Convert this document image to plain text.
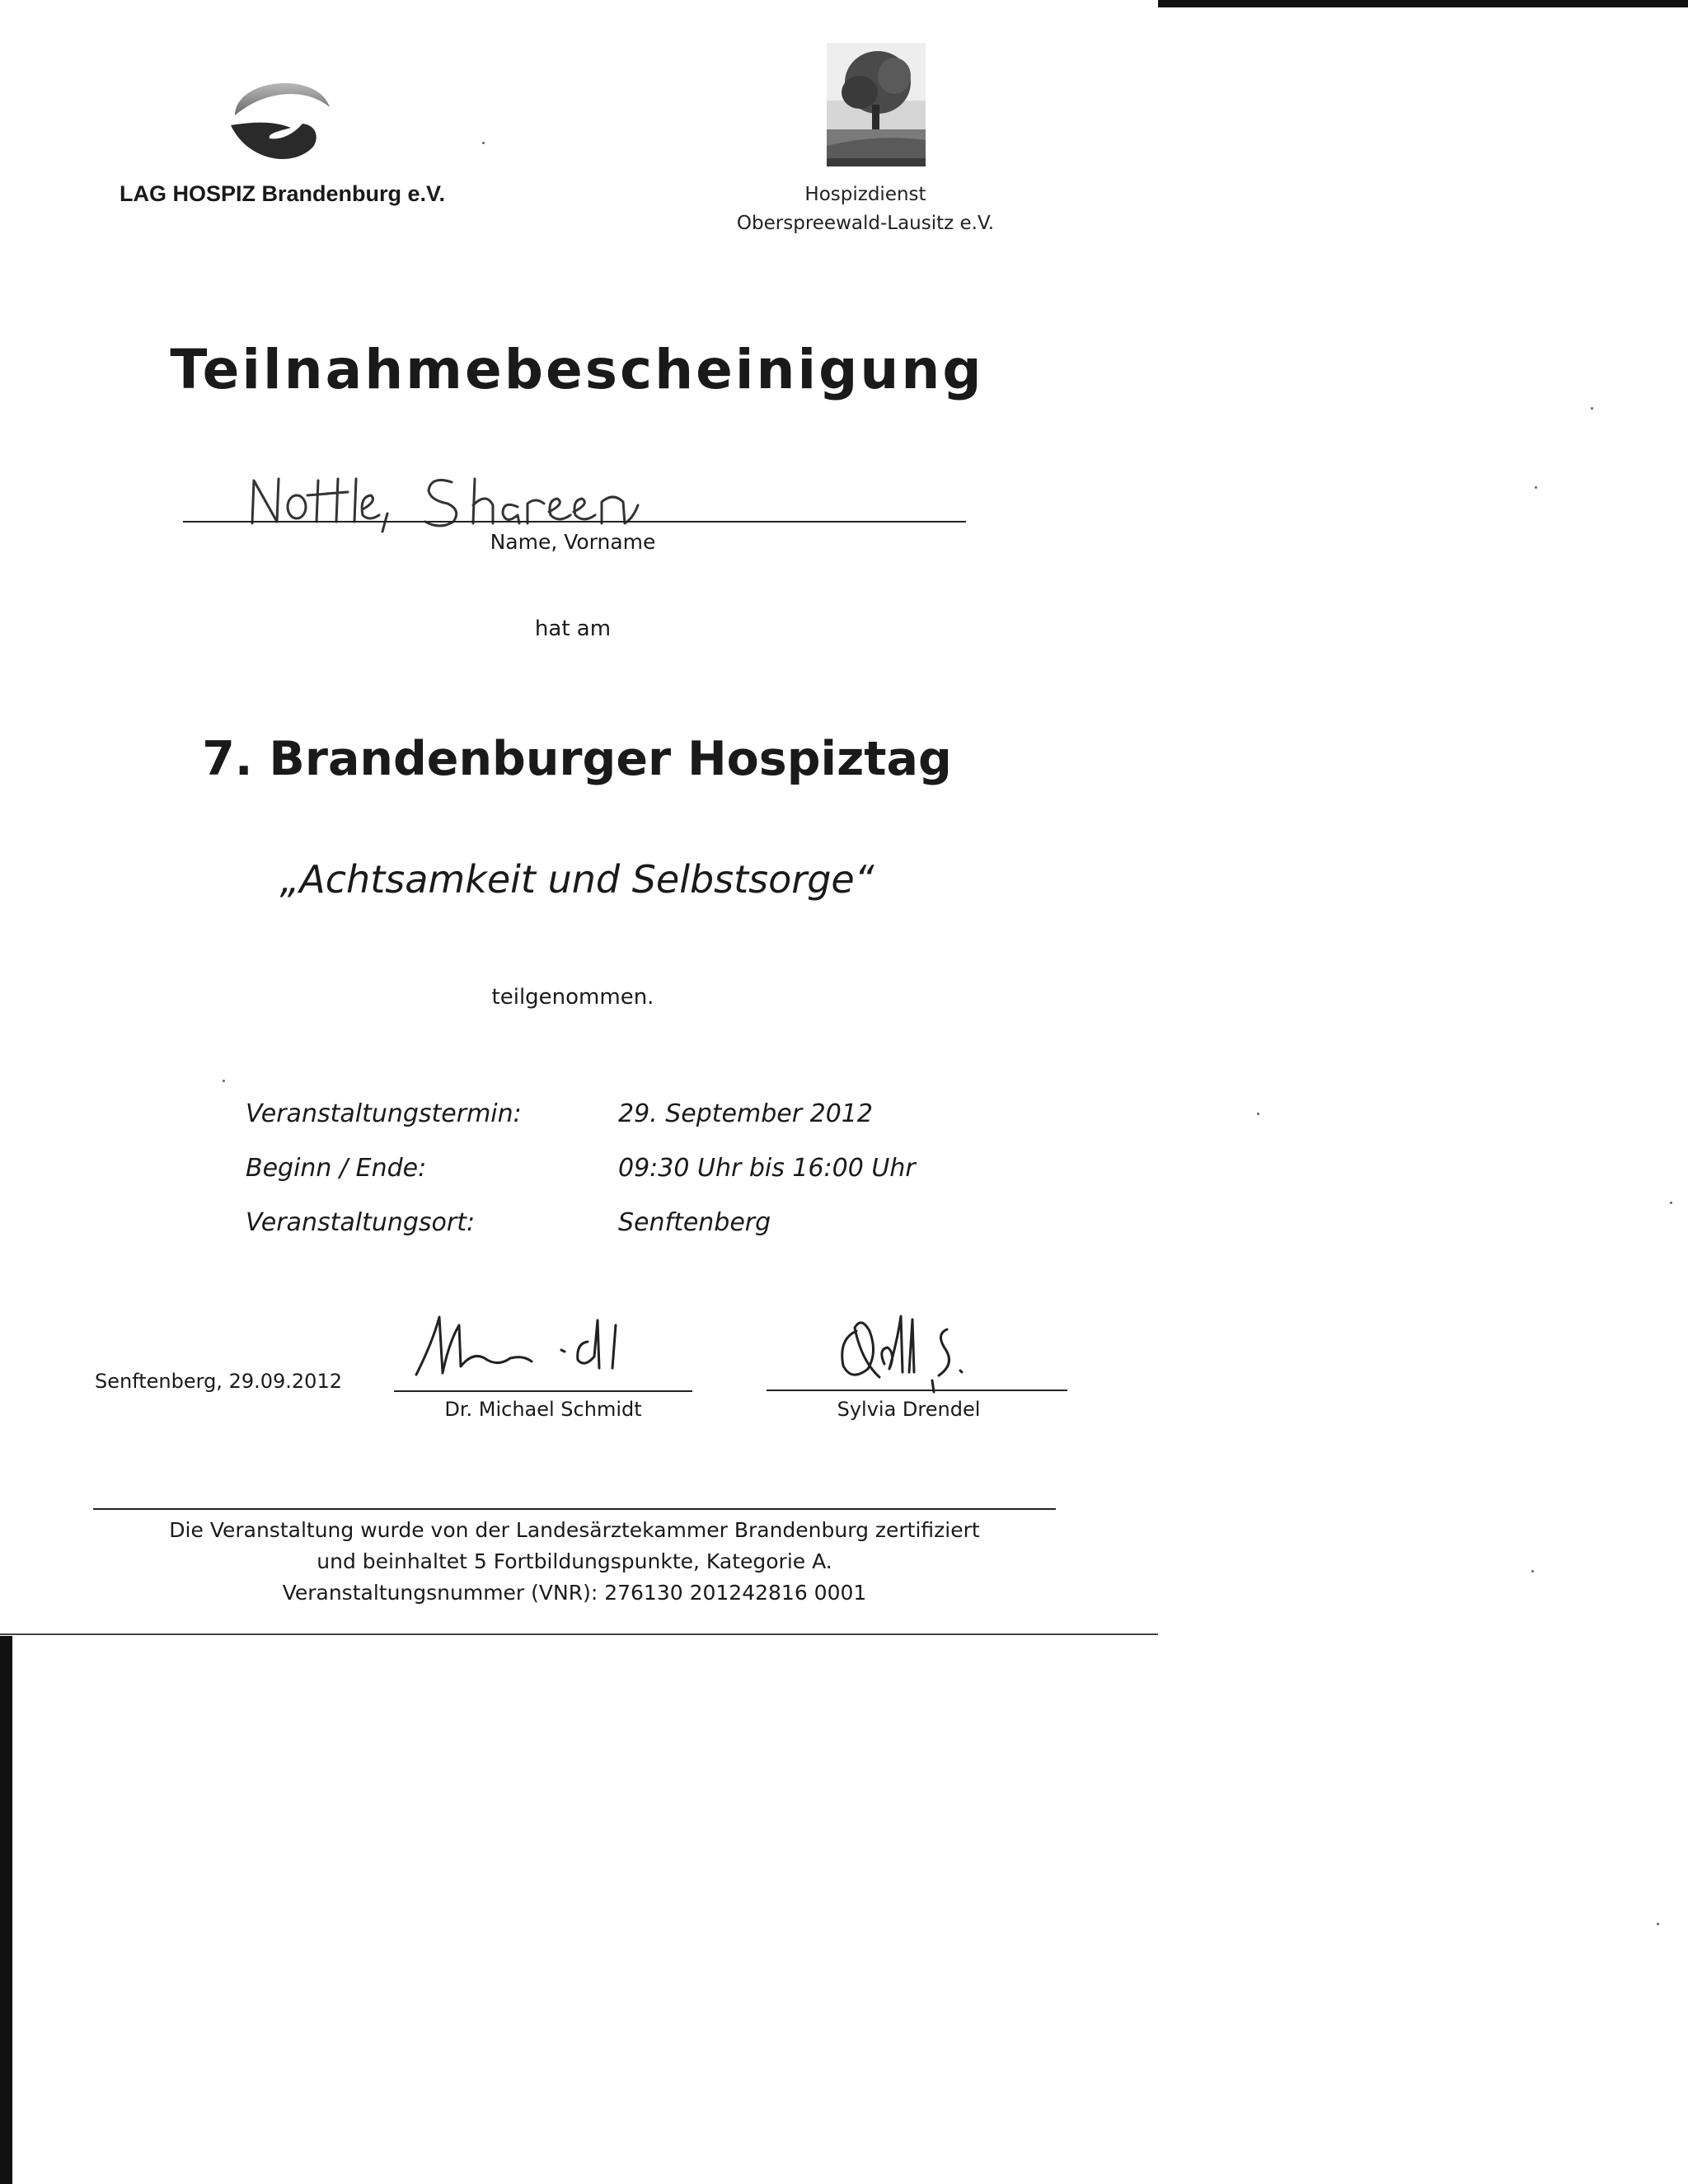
LAG HOSPIZ Brandenburg e.V.	Hospizdienst
Oberspreewald-Lausitz e.V.
Teilnahmebescheinigung
Name, Vorname
hat am
7. Brandenburger Hospiztag
„Achtsamkeit und Selbstsorge“
teilgenommen.
Veranstaltungstermin:	29. September 2012
Beginn / Ende:	09:30 Uhr bis 16:00 Uhr
Veranstaltungsort:	Senftenberg
Senftenberg, 29.09.2012
Dr. Michael Schmidt	Sylvia Drendel
Die Veranstaltung wurde von der Landesärztekammer Brandenburg zertifiziert
und beinhaltet 5 Fortbildungspunkte, Kategorie A.
Veranstaltungsnummer (VNR): 276130 201242816 0001
